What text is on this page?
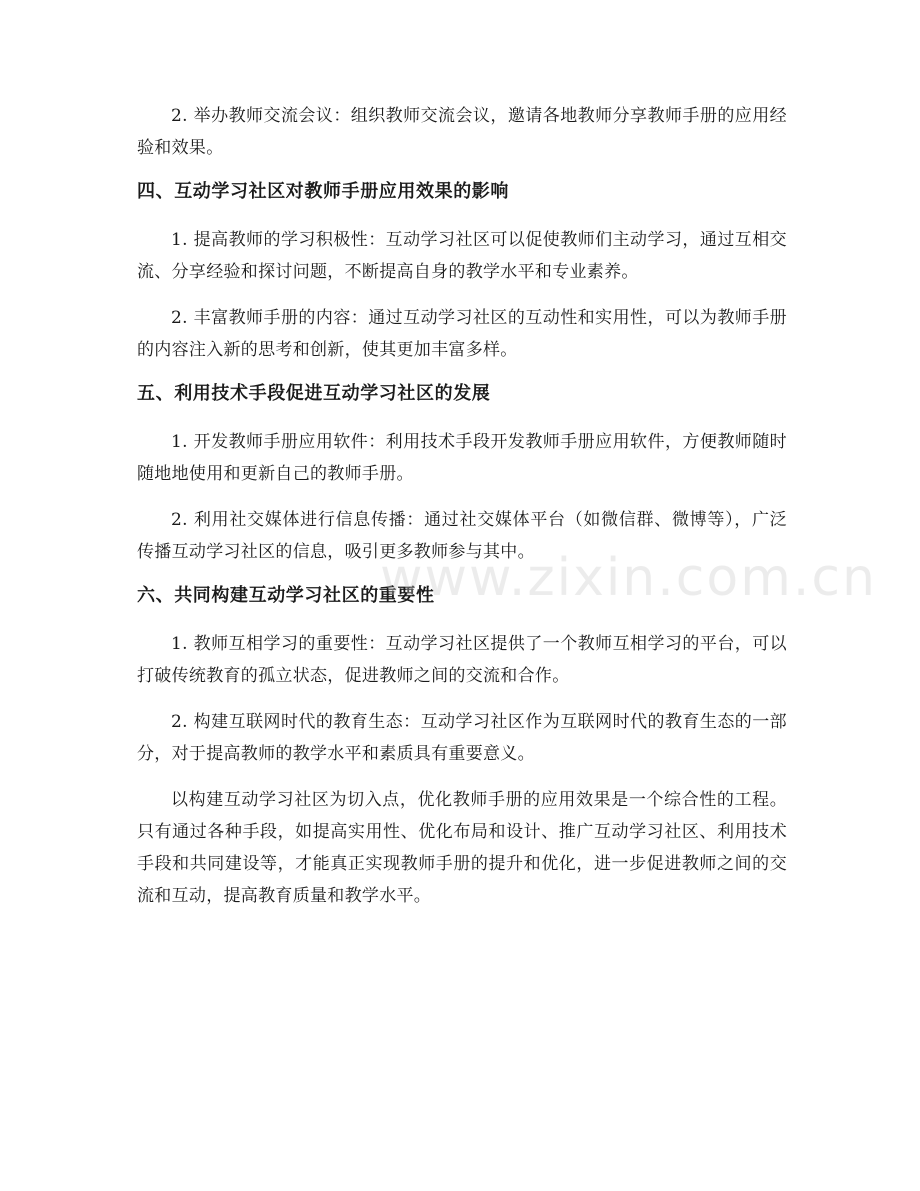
2. 举办教师交流会议：组织教师交流会议，邀请各地教师分享教师手册的应用经验和效果。

四、互动学习社区对教师手册应用效果的影响

1. 提高教师的学习积极性：互动学习社区可以促使教师们主动学习，通过互相交流、分享经验和探讨问题，不断提高自身的教学水平和专业素养。

2. 丰富教师手册的内容：通过互动学习社区的互动性和实用性，可以为教师手册的内容注入新的思考和创新，使其更加丰富多样。

五、利用技术手段促进互动学习社区的发展

1. 开发教师手册应用软件：利用技术手段开发教师手册应用软件，方便教师随时随地地使用和更新自己的教师手册。

2. 利用社交媒体进行信息传播：通过社交媒体平台（如微信群、微博等），广泛传播互动学习社区的信息，吸引更多教师参与其中。

六、共同构建互动学习社区的重要性

1. 教师互相学习的重要性：互动学习社区提供了一个教师互相学习的平台，可以打破传统教育的孤立状态，促进教师之间的交流和合作。

2. 构建互联网时代的教育生态：互动学习社区作为互联网时代的教育生态的一部分，对于提高教师的教学水平和素质具有重要意义。

以构建互动学习社区为切入点，优化教师手册的应用效果是一个综合性的工程。只有通过各种手段，如提高实用性、优化布局和设计、推广互动学习社区、利用技术手段和共同建设等，才能真正实现教师手册的提升和优化，进一步促进教师之间的交流和互动，提高教育质量和教学水平。

www.zixin.com.cn
